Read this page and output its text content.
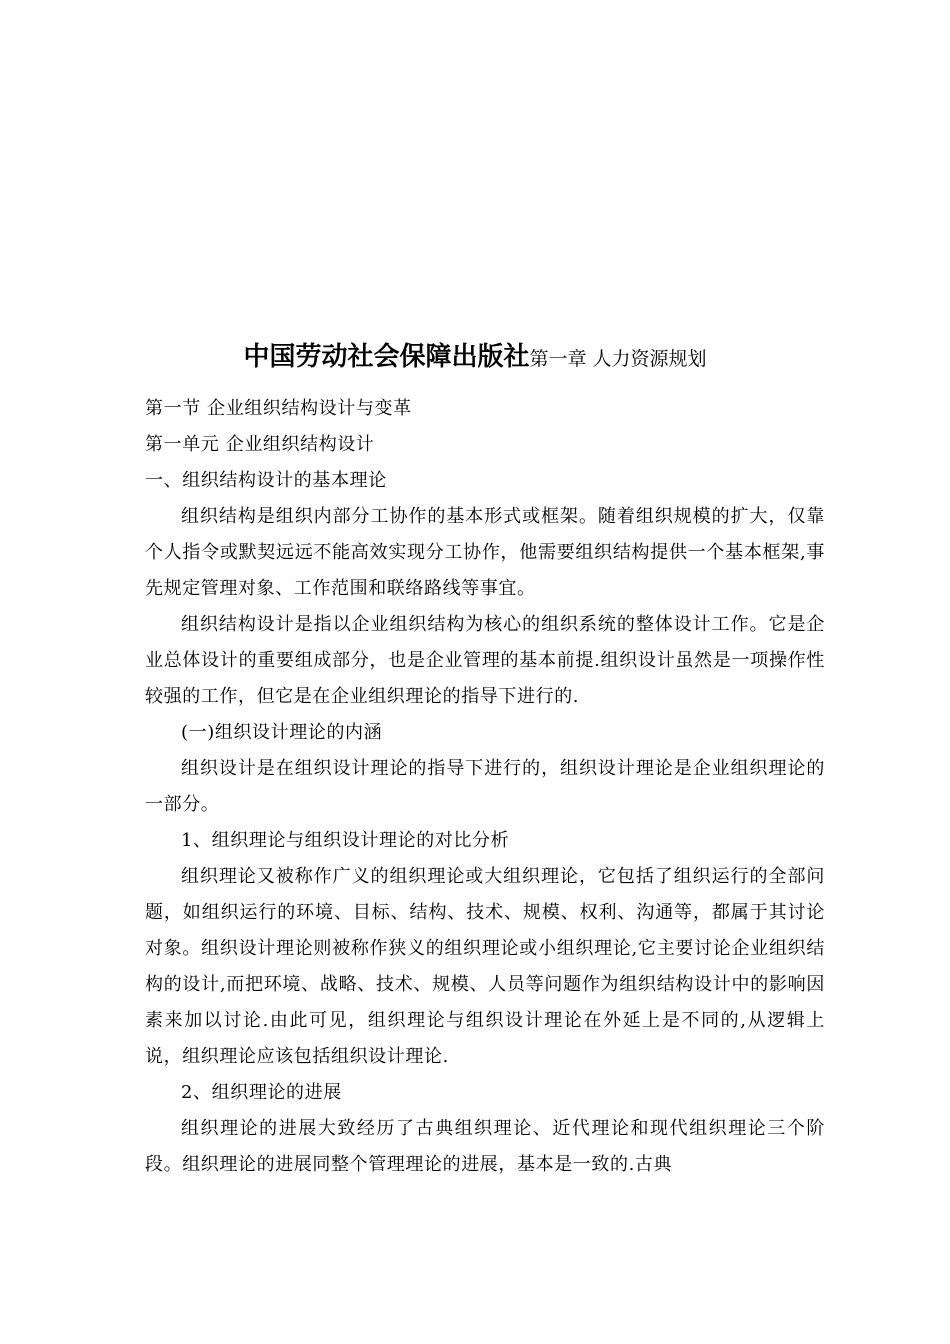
中国劳动社会保障出版社第一章 人力资源规划

第一节 企业组织结构设计与变革

第一单元 企业组织结构设计

一、组织结构设计的基本理论

组织结构是组织内部分工协作的基本形式或框架。随着组织规模的扩大，仅靠个人指令或默契远远不能高效实现分工协作，他需要组织结构提供一个基本框架,事先规定管理对象、工作范围和联络路线等事宜。

组织结构设计是指以企业组织结构为核心的组织系统的整体设计工作。它是企业总体设计的重要组成部分，也是企业管理的基本前提.组织设计虽然是一项操作性较强的工作，但它是在企业组织理论的指导下进行的.

(一)组织设计理论的内涵

组织设计是在组织设计理论的指导下进行的，组织设计理论是企业组织理论的一部分。

1、组织理论与组织设计理论的对比分析

组织理论又被称作广义的组织理论或大组织理论，它包括了组织运行的全部问题，如组织运行的环境、目标、结构、技术、规模、权利、沟通等，都属于其讨论对象。组织设计理论则被称作狭义的组织理论或小组织理论,它主要讨论企业组织结构的设计,而把环境、战略、技术、规模、人员等问题作为组织结构设计中的影响因素来加以讨论.由此可见，组织理论与组织设计理论在外延上是不同的,从逻辑上说，组织理论应该包括组织设计理论.

2、组织理论的进展

组织理论的进展大致经历了古典组织理论、近代理论和现代组织理论三个阶段。组织理论的进展同整个管理理论的进展，基本是一致的.古典
